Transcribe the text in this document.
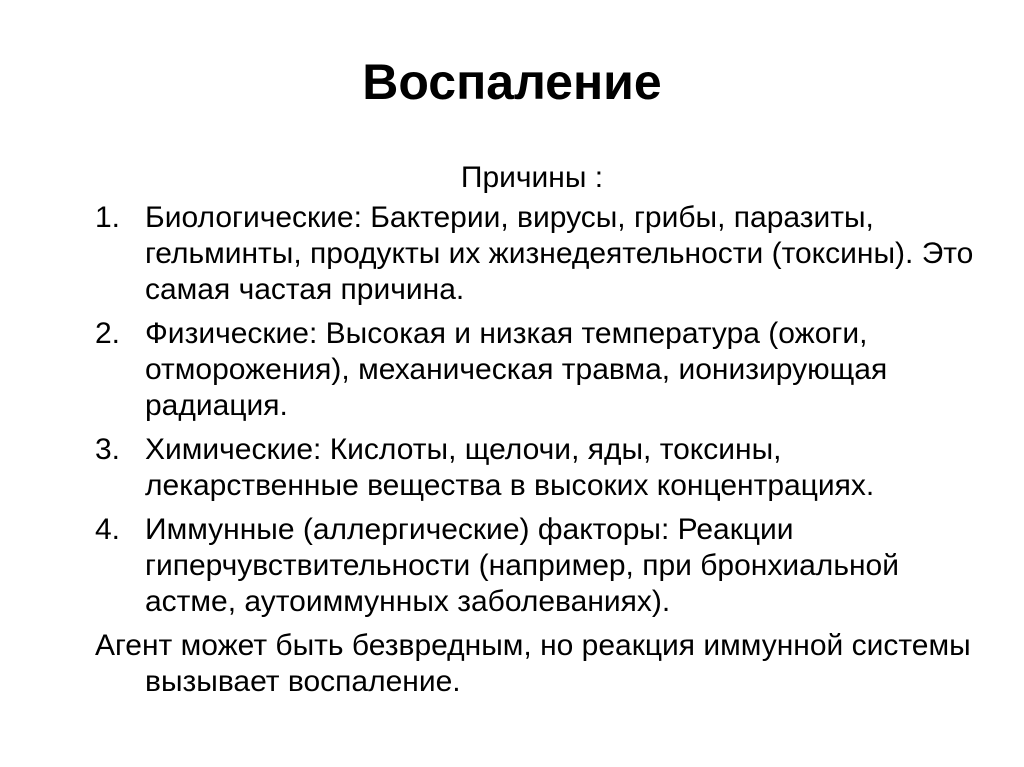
Воспаление
Причины :
1. Биологические: Бактерии, вирусы, грибы, паразиты, гельминты, продукты их жизнедеятельности (токсины). Это самая частая причина.
2. Физические: Высокая и низкая температура (ожоги, отморожения), механическая травма, ионизирующая радиация.
3. Химические: Кислоты, щелочи, яды, токсины, лекарственные вещества в высоких концентрациях.
4. Иммунные (аллергические) факторы: Реакции гиперчувствительности (например, при бронхиальной астме, аутоиммунных заболеваниях).
Агент может быть безвредным, но реакция иммунной системы вызывает воспаление.
